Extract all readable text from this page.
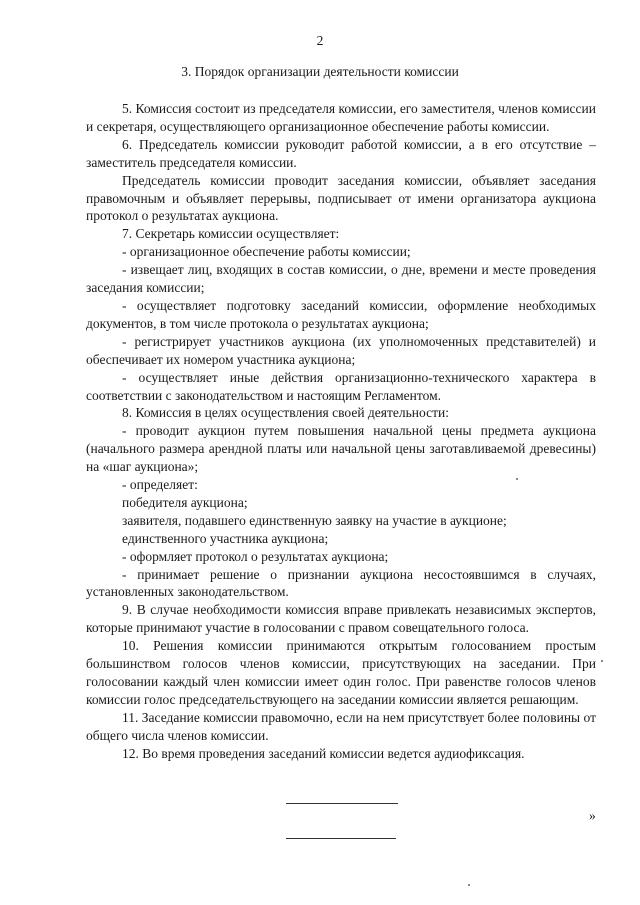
2
3. Порядок организации деятельности комиссии

5. Комиссия состоит из председателя комиссии, его заместителя, членов комиссии и секретаря, осуществляющего организационное обеспечение работы комиссии.

6. Председатель комиссии руководит работой комиссии, а в его отсутствие – заместитель председателя комиссии.

Председатель комиссии проводит заседания комиссии, объявляет заседания правомочным и объявляет перерывы, подписывает от имени организатора аукциона протокол о результатах аукциона.

7. Секретарь комиссии осуществляет:

- организационное обеспечение работы комиссии;

- извещает лиц, входящих в состав комиссии, о дне, времени и месте проведения заседания комиссии;

- осуществляет подготовку заседаний комиссии, оформление необходимых документов, в том числе протокола о результатах аукциона;

- регистрирует участников аукциона (их уполномоченных представителей) и обеспечивает их номером участника аукциона;

- осуществляет иные действия организационно-технического характера в соответствии с законодательством и настоящим Регламентом.

8. Комиссия в целях осуществления своей деятельности:

- проводит аукцион путем повышения начальной цены предмета аукциона (начального размера арендной платы или начальной цены заготавливаемой древесины) на «шаг аукциона»;

- определяет:

победителя аукциона;

заявителя, подавшего единственную заявку на участие в аукционе;

единственного участника аукциона;

- оформляет протокол о результатах аукциона;

- принимает решение о признании аукциона несостоявшимся в случаях, установленных законодательством.

9. В случае необходимости комиссия вправе привлекать независимых экспертов, которые принимают участие в голосовании с правом совещательного голоса.

10. Решения комиссии принимаются открытым голосованием простым большинством голосов членов комиссии, присутствующих на заседании. При голосовании каждый член комиссии имеет один голос. При равенстве голосов членов комиссии голос председательствующего на заседании комиссии является решающим.

11. Заседание комиссии правомочно, если на нем присутствует более половины от общего числа членов комиссии.

12. Во время проведения заседаний комиссии ведется аудиофиксация.

»
